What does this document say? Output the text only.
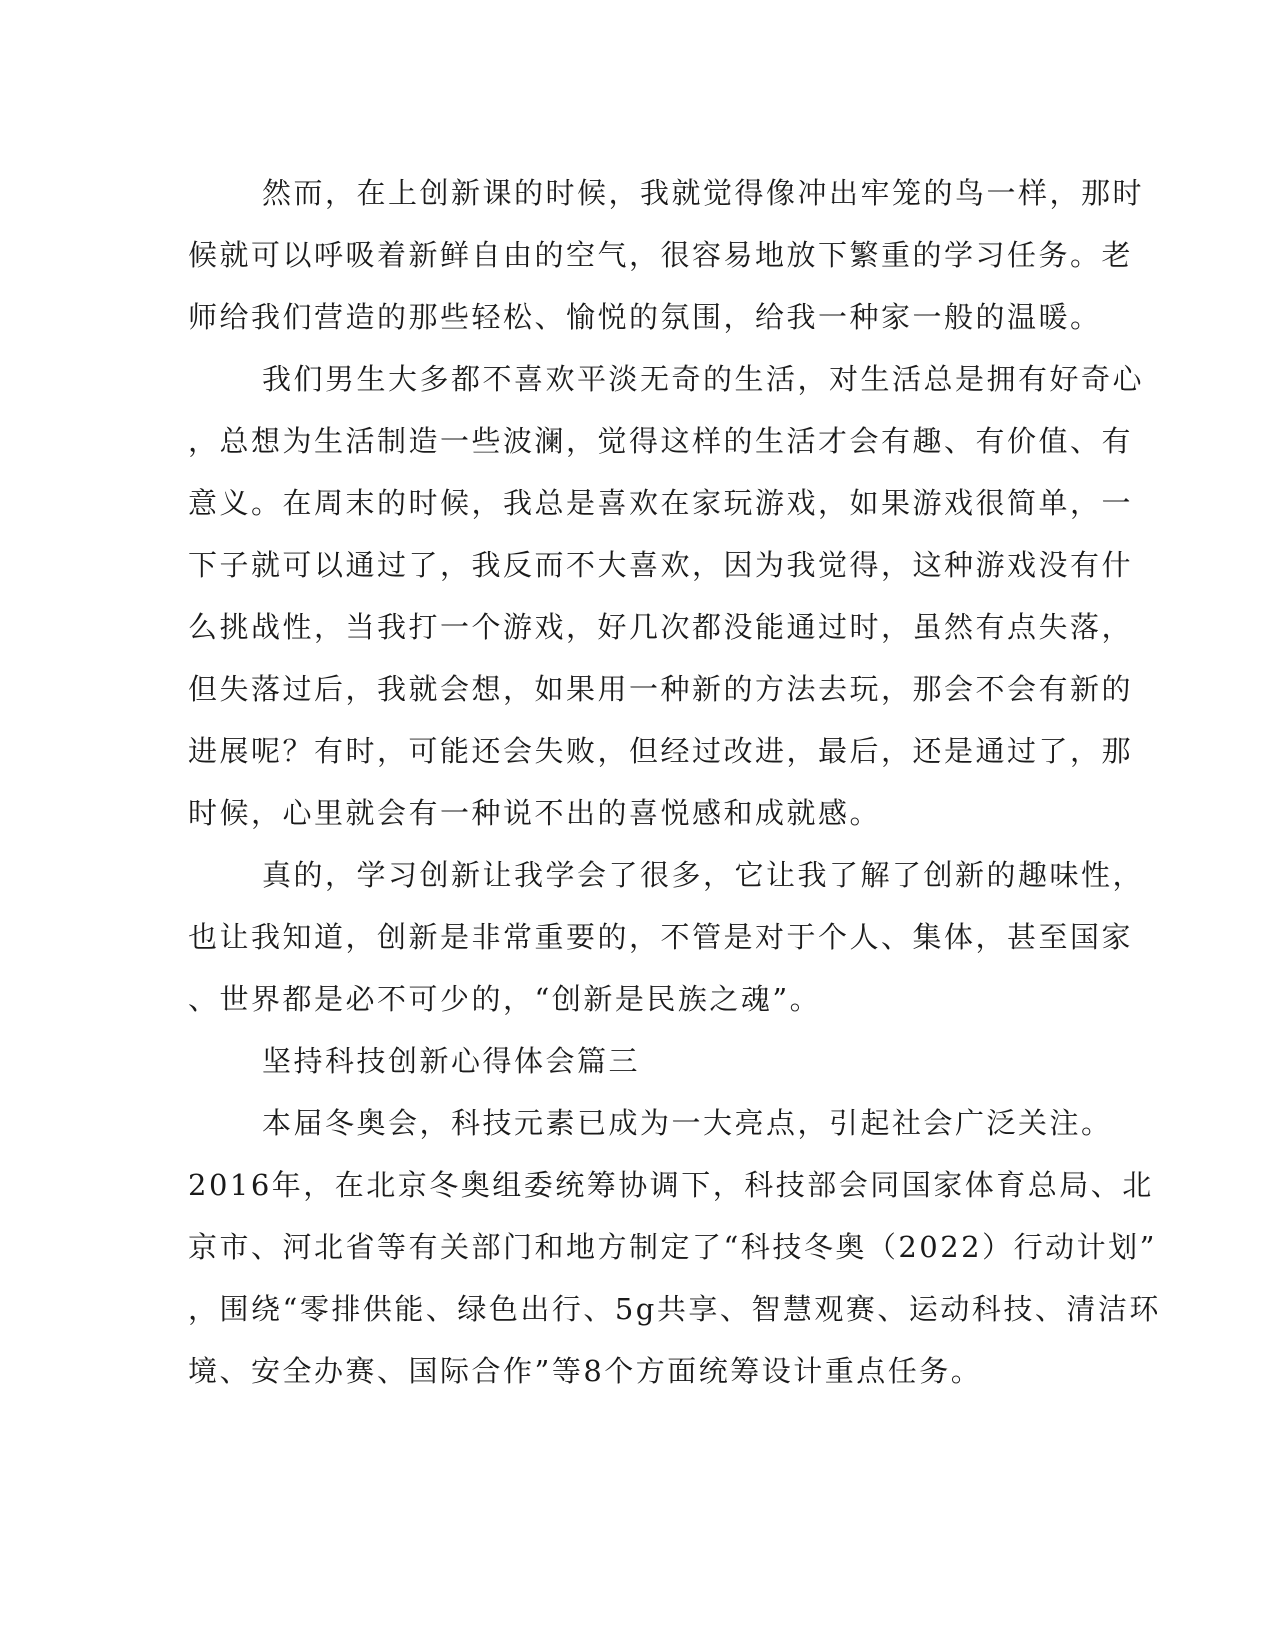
然而，在上创新课的时候，我就觉得像冲出牢笼的鸟一样，那时
候就可以呼吸着新鲜自由的空气，很容易地放下繁重的学习任务。老
师给我们营造的那些轻松、愉悦的氛围，给我一种家一般的温暖。
我们男生大多都不喜欢平淡无奇的生活，对生活总是拥有好奇心
，总想为生活制造一些波澜，觉得这样的生活才会有趣、有价值、有
意义。在周末的时候，我总是喜欢在家玩游戏，如果游戏很简单，一
下子就可以通过了，我反而不大喜欢，因为我觉得，这种游戏没有什
么挑战性，当我打一个游戏，好几次都没能通过时，虽然有点失落，
但失落过后，我就会想，如果用一种新的方法去玩，那会不会有新的
进展呢？有时，可能还会失败，但经过改进，最后，还是通过了，那
时候，心里就会有一种说不出的喜悦感和成就感。
真的，学习创新让我学会了很多，它让我了解了创新的趣味性，
也让我知道，创新是非常重要的，不管是对于个人、集体，甚至国家
、世界都是必不可少的，“创新是民族之魂”。
坚持科技创新心得体会篇三
本届冬奥会，科技元素已成为一大亮点，引起社会广泛关注。
2016年，在北京冬奥组委统筹协调下，科技部会同国家体育总局、北
京市、河北省等有关部门和地方制定了“科技冬奥（2022）行动计划”
，围绕“零排供能、绿色出行、5g共享、智慧观赛、运动科技、清洁环
境、安全办赛、国际合作”等8个方面统筹设计重点任务。
